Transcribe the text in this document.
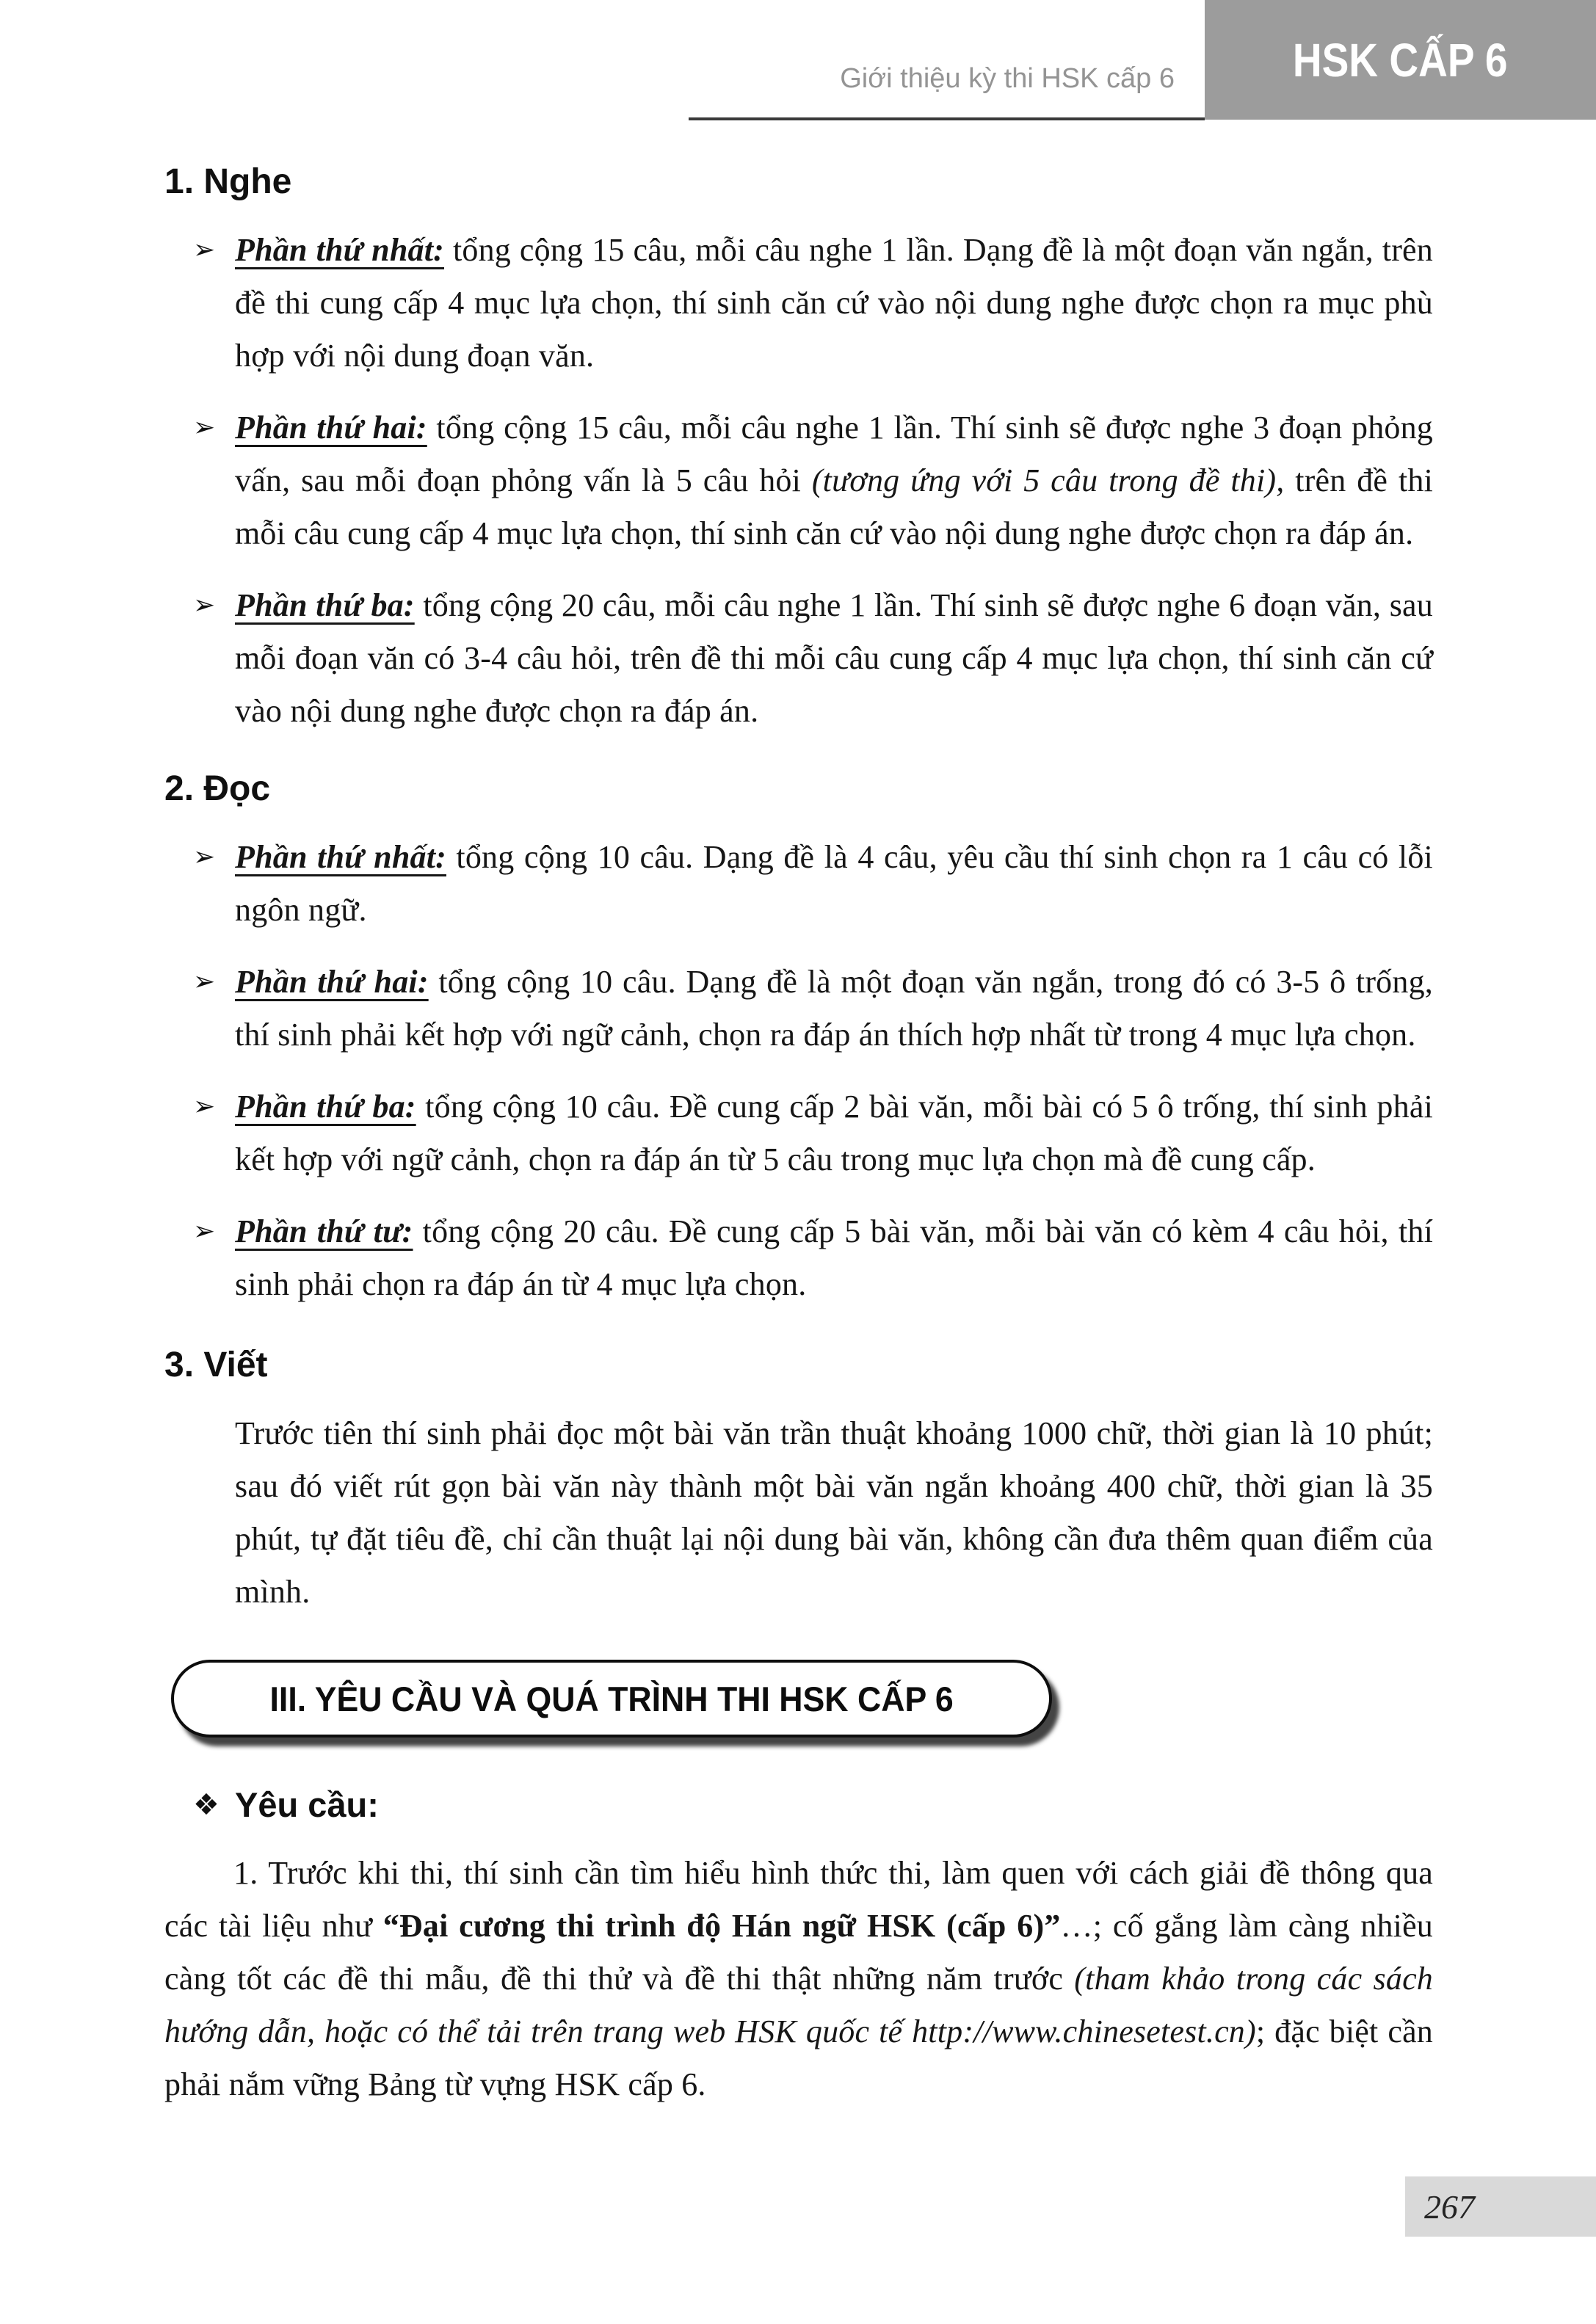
Giới thiệu kỳ thi HSK cấp 6	HSK CẤP 6
1. Nghe
➢ Phần thứ nhất: tổng cộng 15 câu, mỗi câu nghe 1 lần. Dạng đề là một đoạn văn ngắn, trên đề thi cung cấp 4 mục lựa chọn, thí sinh căn cứ vào nội dung nghe được chọn ra mục phù hợp với nội dung đoạn văn.

➢ Phần thứ hai: tổng cộng 15 câu, mỗi câu nghe 1 lần. Thí sinh sẽ được nghe 3 đoạn phỏng vấn, sau mỗi đoạn phỏng vấn là 5 câu hỏi (tương ứng với 5 câu trong đề thi), trên đề thi mỗi câu cung cấp 4 mục lựa chọn, thí sinh căn cứ vào nội dung nghe được chọn ra đáp án.

➢ Phần thứ ba: tổng cộng 20 câu, mỗi câu nghe 1 lần. Thí sinh sẽ được nghe 6 đoạn văn, sau mỗi đoạn văn có 3-4 câu hỏi, trên đề thi mỗi câu cung cấp 4 mục lựa chọn, thí sinh căn cứ vào nội dung nghe được chọn ra đáp án.

2. Đọc
➢ Phần thứ nhất: tổng cộng 10 câu. Dạng đề là 4 câu, yêu cầu thí sinh chọn ra 1 câu có lỗi ngôn ngữ.

➢ Phần thứ hai: tổng cộng 10 câu. Dạng đề là một đoạn văn ngắn, trong đó có 3-5 ô trống, thí sinh phải kết hợp với ngữ cảnh, chọn ra đáp án thích hợp nhất từ trong 4 mục lựa chọn.

➢ Phần thứ ba: tổng cộng 10 câu. Đề cung cấp 2 bài văn, mỗi bài có 5 ô trống, thí sinh phải kết hợp với ngữ cảnh, chọn ra đáp án từ 5 câu trong mục lựa chọn mà đề cung cấp.

➢ Phần thứ tư: tổng cộng 20 câu. Đề cung cấp 5 bài văn, mỗi bài văn có kèm 4 câu hỏi, thí sinh phải chọn ra đáp án từ 4 mục lựa chọn.

3. Viết

Trước tiên thí sinh phải đọc một bài văn trần thuật khoảng 1000 chữ, thời gian là 10 phút; sau đó viết rút gọn bài văn này thành một bài văn ngắn khoảng 400 chữ, thời gian là 35 phút, tự đặt tiêu đề, chỉ cần thuật lại nội dung bài văn, không cần đưa thêm quan điểm của mình.

III. YÊU CẦU VÀ QUÁ TRÌNH THI HSK CẤP 6
❖ Yêu cầu:

1. Trước khi thi, thí sinh cần tìm hiểu hình thức thi, làm quen với cách giải đề thông qua các tài liệu như “Đại cương thi trình độ Hán ngữ HSK (cấp 6)”…; cố gắng làm càng nhiều càng tốt các đề thi mẫu, đề thi thử và đề thi thật những năm trước (tham khảo trong các sách hướng dẫn, hoặc có thể tải trên trang web HSK quốc tế http://www.chinesetest.cn); đặc biệt cần phải nắm vững Bảng từ vựng HSK cấp 6.

267
